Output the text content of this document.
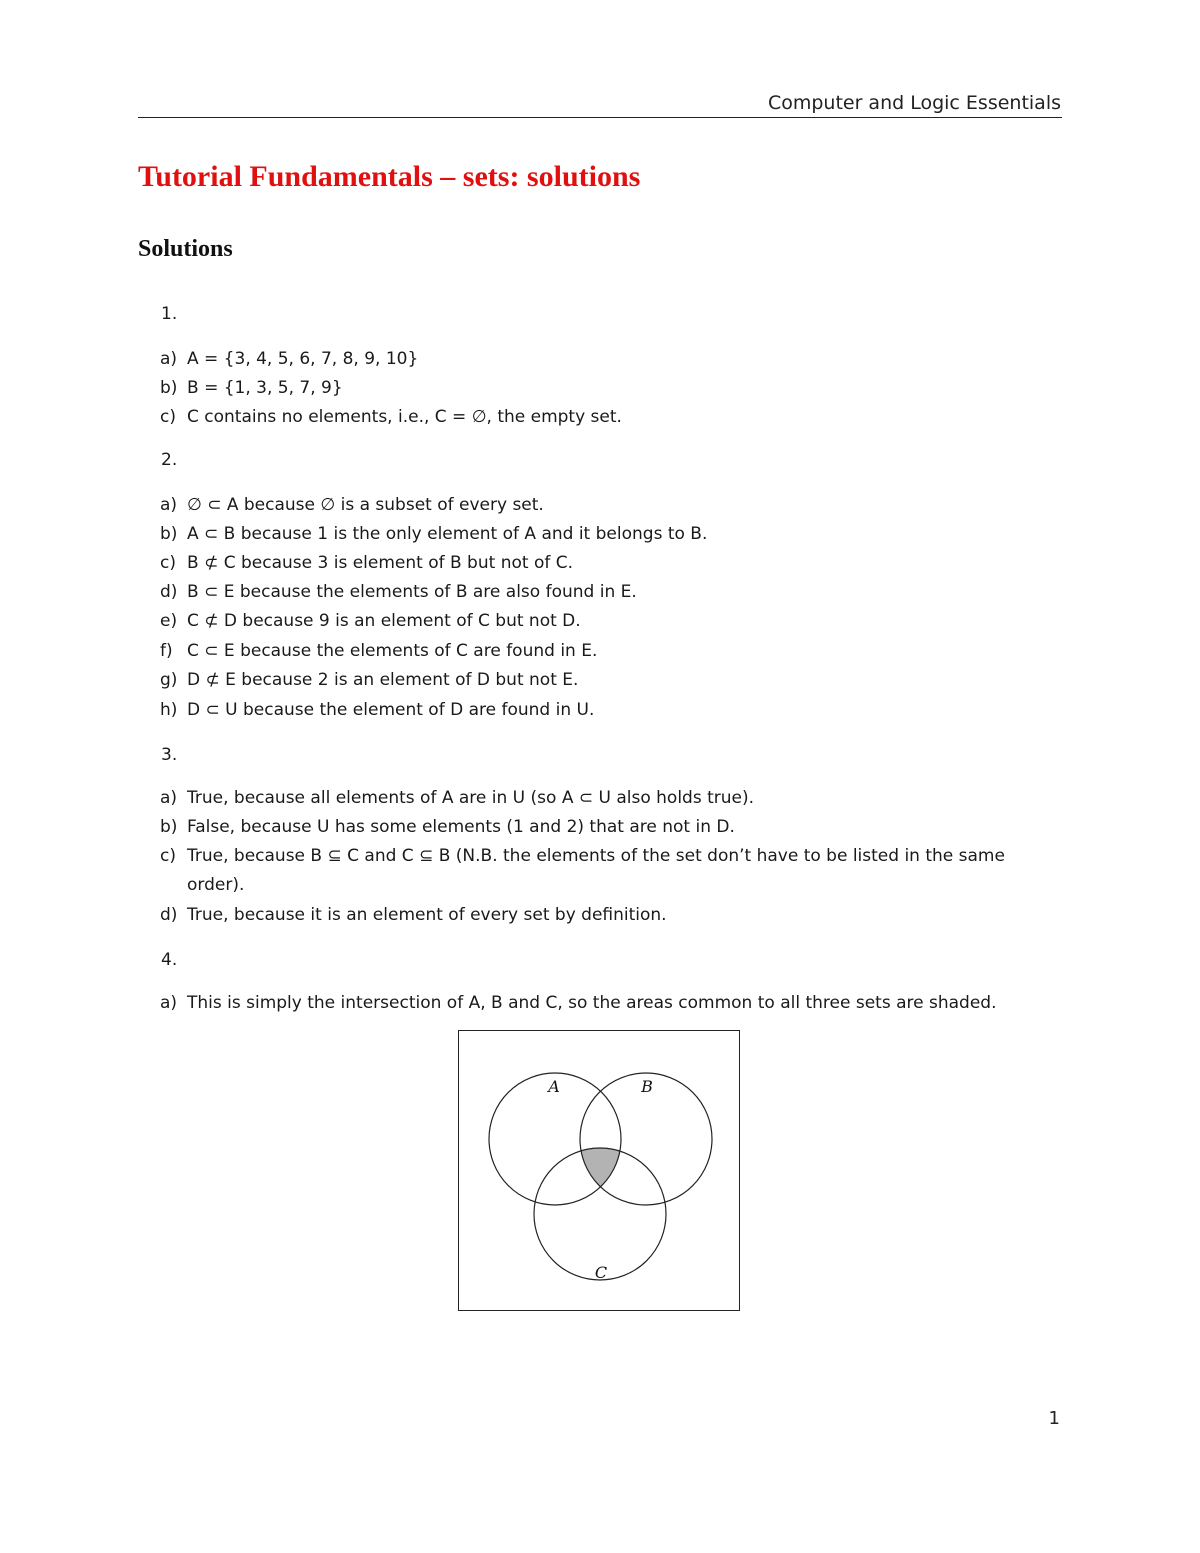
Computer and Logic Essentials
Tutorial Fundamentals – sets: solutions
Solutions
1.
a) A = {3, 4, 5, 6, 7, 8, 9, 10}
b) B = {1, 3, 5, 7, 9}
c) C contains no elements, i.e., C = ∅, the empty set.
2.
a) ∅ ⊂ A because ∅ is a subset of every set.
b) A ⊂ B because 1 is the only element of A and it belongs to B.
c) B ⊄ C because 3 is element of B but not of C.
d) B ⊂ E because the elements of B are also found in E.
e) C ⊄ D because 9 is an element of C but not D.
f) C ⊂ E because the elements of C are found in E.
g) D ⊄ E because 2 is an element of D but not E.
h) D ⊂ U because the element of D are found in U.
3.
a) True, because all elements of A are in U (so A ⊂ U also holds true).
b) False, because U has some elements (1 and 2) that are not in D.
c) True, because B ⊆ C and C ⊆ B (N.B. the elements of the set don’t have to be listed in the same order).
d) True, because it is an element of every set by definition.
4.
a) This is simply the intersection of A, B and C, so the areas common to all three sets are shaded.
A	B
C
1
